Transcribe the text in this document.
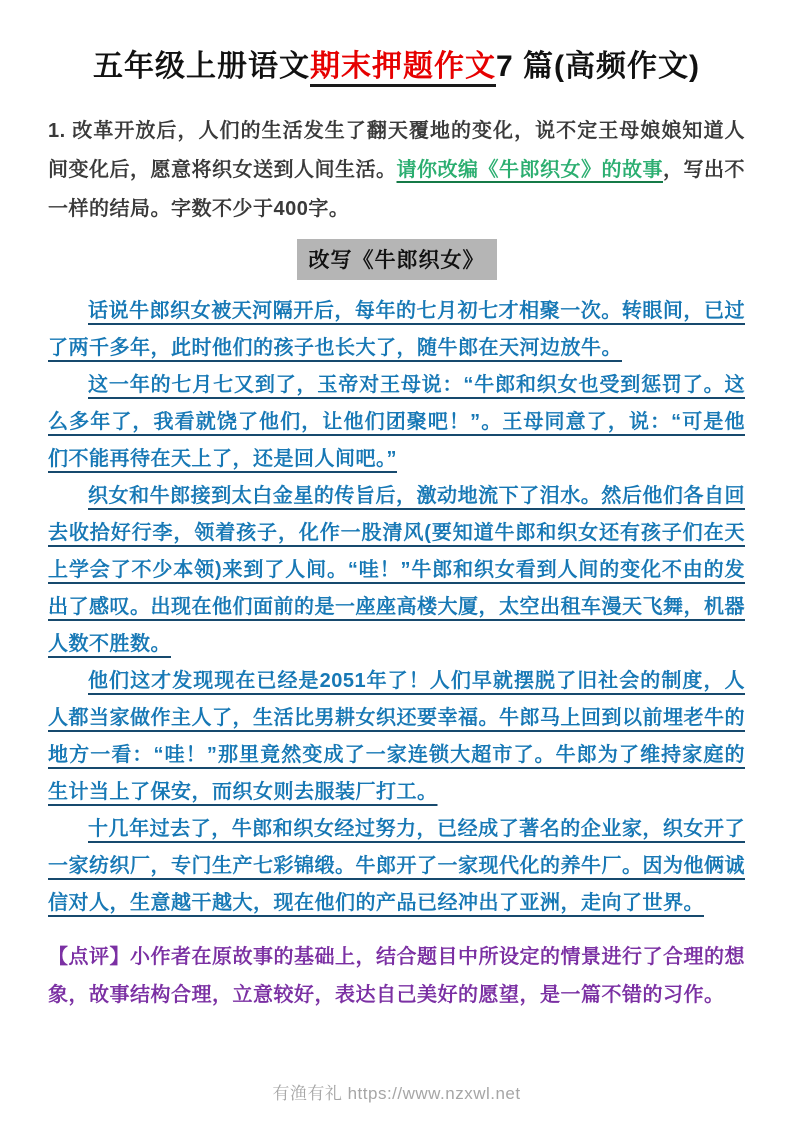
五年级上册语文期末押题作文7 篇(高频作文)

1. 改革开放后，人们的生活发生了翻天覆地的变化，说不定王母娘娘知道人间变化后，愿意将织女送到人间生活。请你改编《牛郎织女》的故事，写出不一样的结局。字数不少于400字。

改写《牛郎织女》

话说牛郎织女被天河隔开后，每年的七月初七才相聚一次。转眼间，已过了两千多年，此时他们的孩子也长大了，随牛郎在天河边放牛。

这一年的七月七又到了，玉帝对王母说：“牛郎和织女也受到惩罚了。这么多年了，我看就饶了他们，让他们团聚吧！”。王母同意了，说：“可是他们不能再待在天上了，还是回人间吧。”

织女和牛郎接到太白金星的传旨后，激动地流下了泪水。然后他们各自回去收拾好行李，领着孩子，化作一股清风(要知道牛郎和织女还有孩子们在天上学会了不少本领)来到了人间。“哇！”牛郎和织女看到人间的变化不由的发出了感叹。出现在他们面前的是一座座高楼大厦，太空出租车漫天飞舞，机器人数不胜数。

他们这才发现现在已经是2051年了！人们早就摆脱了旧社会的制度，人人都当家做作主人了，生活比男耕女织还要幸福。牛郎马上回到以前埋老牛的地方一看：“哇！”那里竟然变成了一家连锁大超市了。牛郎为了维持家庭的生计当上了保安，而织女则去服装厂打工。

十几年过去了，牛郎和织女经过努力，已经成了著名的企业家，织女开了一家纺织厂，专门生产七彩锦缎。牛郎开了一家现代化的养牛厂。因为他俩诚信对人，生意越干越大，现在他们的产品已经冲出了亚洲，走向了世界。

【点评】小作者在原故事的基础上，结合题目中所设定的情景进行了合理的想象，故事结构合理，立意较好，表达自己美好的愿望，是一篇不错的习作。

有渔有礼 https://www.nzxwl.net
